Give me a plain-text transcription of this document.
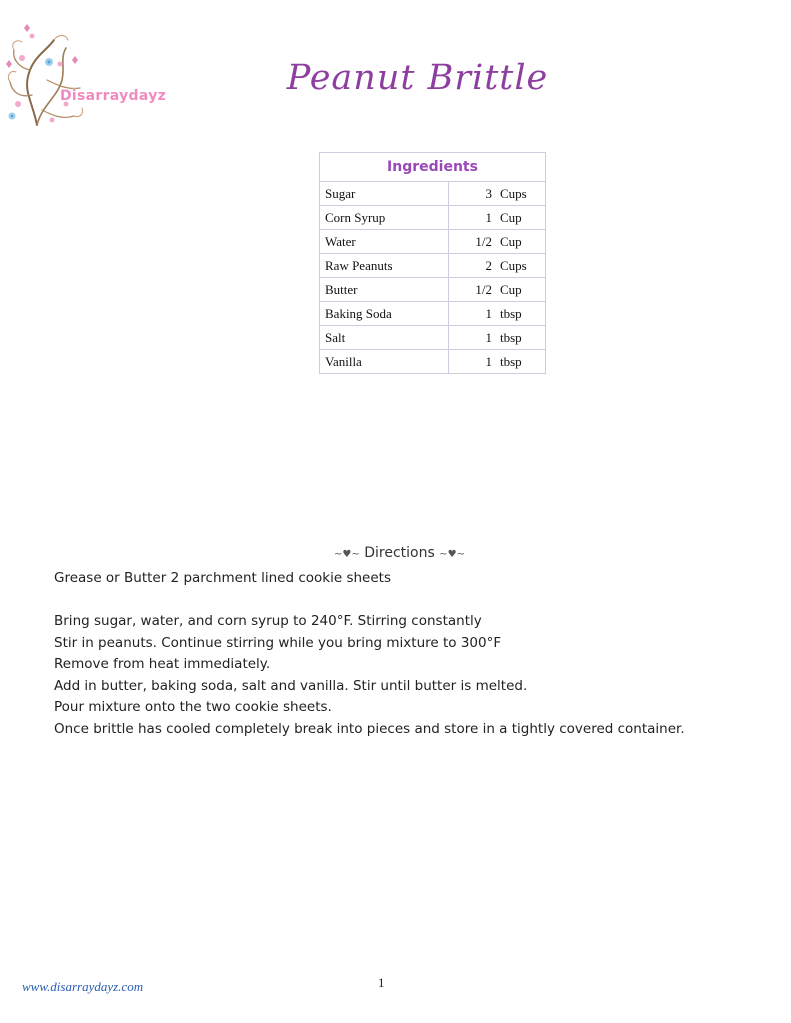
Disarraydayz	Peanut Brittle
Ingredients	
Sugar	3 Cups
Corn Syrup	1 Cup
Water	1/2 Cup
Raw Peanuts	2 Cups
Butter	1/2 Cup
Baking Soda	1 tbsp
Salt	1 tbsp
Vanilla	1 tbsp
~♥~ Directions ~♥~
Grease or Butter 2 parchment lined cookie sheets
Bring sugar, water, and corn syrup to 240°F. Stirring constantly
Stir in peanuts. Continue stirring while you bring mixture to 300°F
Remove from heat immediately.
Add in butter, baking soda, salt and vanilla. Stir until butter is melted.
Pour mixture onto the two cookie sheets.
Once brittle has cooled completely break into pieces and store in a tightly covered container.
www.disarraydayz.com	1
